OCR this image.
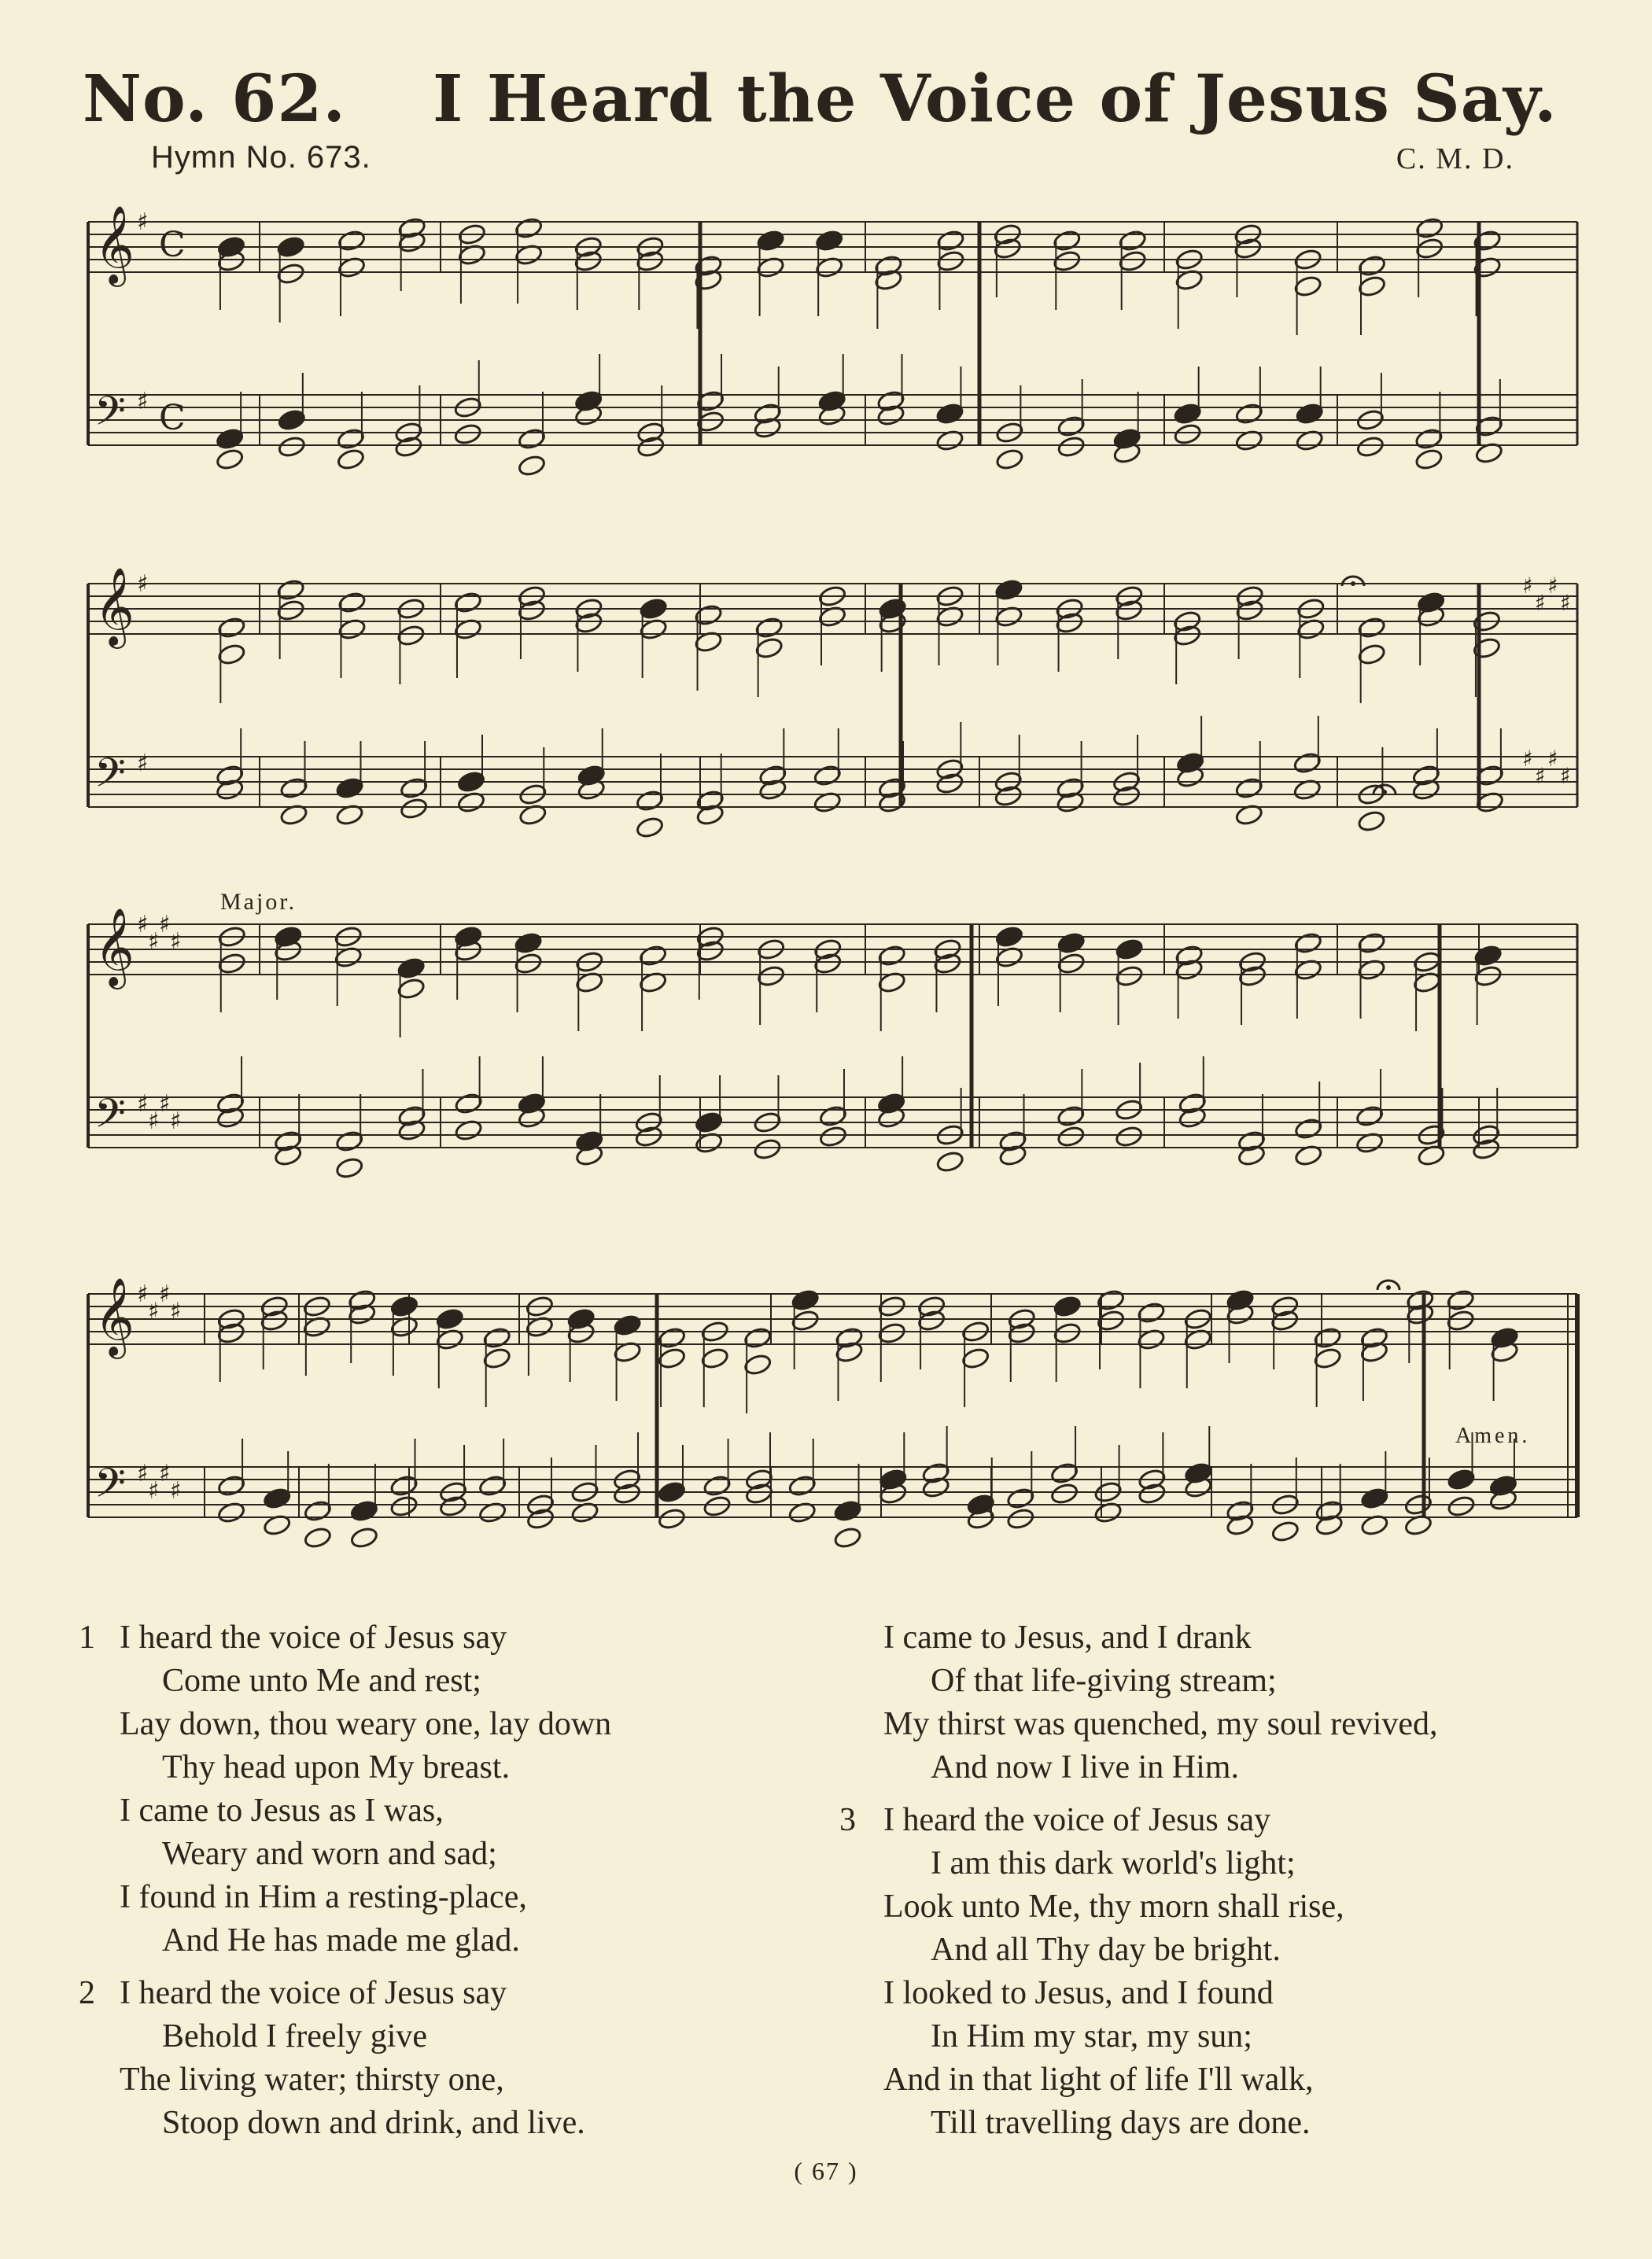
No. 62. I Heard the Voice of Jesus Say.
Hymn No. 673.	C. M. D.
𝄞 ♯
C
𝄢 ♯ C
𝄞 ♯	♯
♯
♯
♯
𝄢 ♯	♯
♯
♯
♯
𝄞 ♯
♯
♯
♯
𝄢 ♯
♯
♯
♯
𝄞 ♯
♯
♯
♯
𝄢 ♯
♯
♯
♯
Major.
Amen.
1 I heard the voice of Jesus say
Come unto Me and rest;
Lay down, thou weary one, lay down
Thy head upon My breast.
I came to Jesus as I was,
Weary and worn and sad;
I found in Him a resting-place,
And He has made me glad.
2 I heard the voice of Jesus say
Behold I freely give
The living water; thirsty one,
Stoop down and drink, and live.
I came to Jesus, and I drank
Of that life-giving stream;
My thirst was quenched, my soul revived,
And now I live in Him.
3 I heard the voice of Jesus say
I am this dark world's light;
Look unto Me, thy morn shall rise,
And all Thy day be bright.
I looked to Jesus, and I found
In Him my star, my sun;
And in that light of life I'll walk,
Till travelling days are done.
( 67 )
